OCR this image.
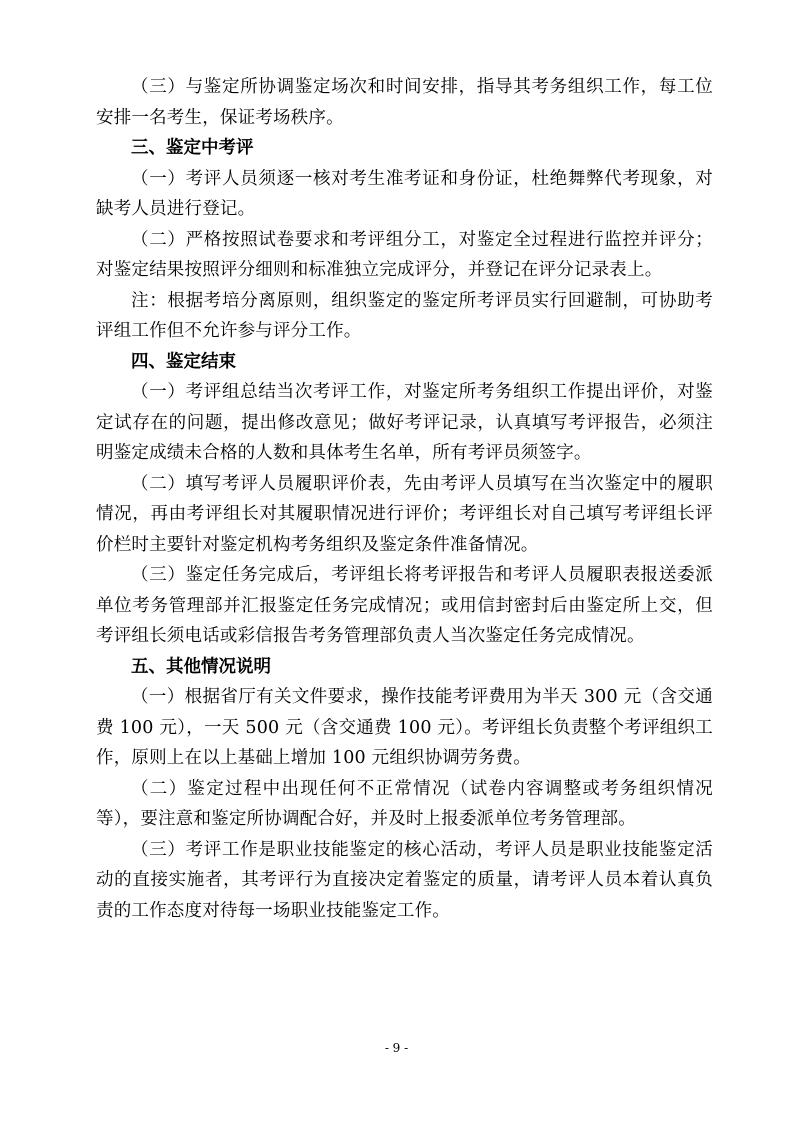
（三）与鉴定所协调鉴定场次和时间安排，指导其考务组织工作，每工位安排一名考生，保证考场秩序。

三、鉴定中考评

（一）考评人员须逐一核对考生准考证和身份证，杜绝舞弊代考现象，对缺考人员进行登记。

（二）严格按照试卷要求和考评组分工，对鉴定全过程进行监控并评分；对鉴定结果按照评分细则和标准独立完成评分，并登记在评分记录表上。

注：根据考培分离原则，组织鉴定的鉴定所考评员实行回避制，可协助考评组工作但不允许参与评分工作。

四、鉴定结束

（一）考评组总结当次考评工作，对鉴定所考务组织工作提出评价，对鉴定试存在的问题，提出修改意见；做好考评记录，认真填写考评报告，必须注明鉴定成绩未合格的人数和具体考生名单，所有考评员须签字。

（二）填写考评人员履职评价表，先由考评人员填写在当次鉴定中的履职情况，再由考评组长对其履职情况进行评价；考评组长对自己填写考评组长评价栏时主要针对鉴定机构考务组织及鉴定条件准备情况。

（三）鉴定任务完成后，考评组长将考评报告和考评人员履职表报送委派单位考务管理部并汇报鉴定任务完成情况；或用信封密封后由鉴定所上交，但考评组长须电话或彩信报告考务管理部负责人当次鉴定任务完成情况。

五、其他情况说明

（一）根据省厅有关文件要求，操作技能考评费用为半天 300 元（含交通费 100 元），一天 500 元（含交通费 100 元）。考评组长负责整个考评组织工作，原则上在以上基础上增加 100 元组织协调劳务费。

（二）鉴定过程中出现任何不正常情况（试卷内容调整或考务组织情况等），要注意和鉴定所协调配合好，并及时上报委派单位考务管理部。

（三）考评工作是职业技能鉴定的核心活动，考评人员是职业技能鉴定活动的直接实施者，其考评行为直接决定着鉴定的质量，请考评人员本着认真负责的工作态度对待每一场职业技能鉴定工作。

- 9 -
